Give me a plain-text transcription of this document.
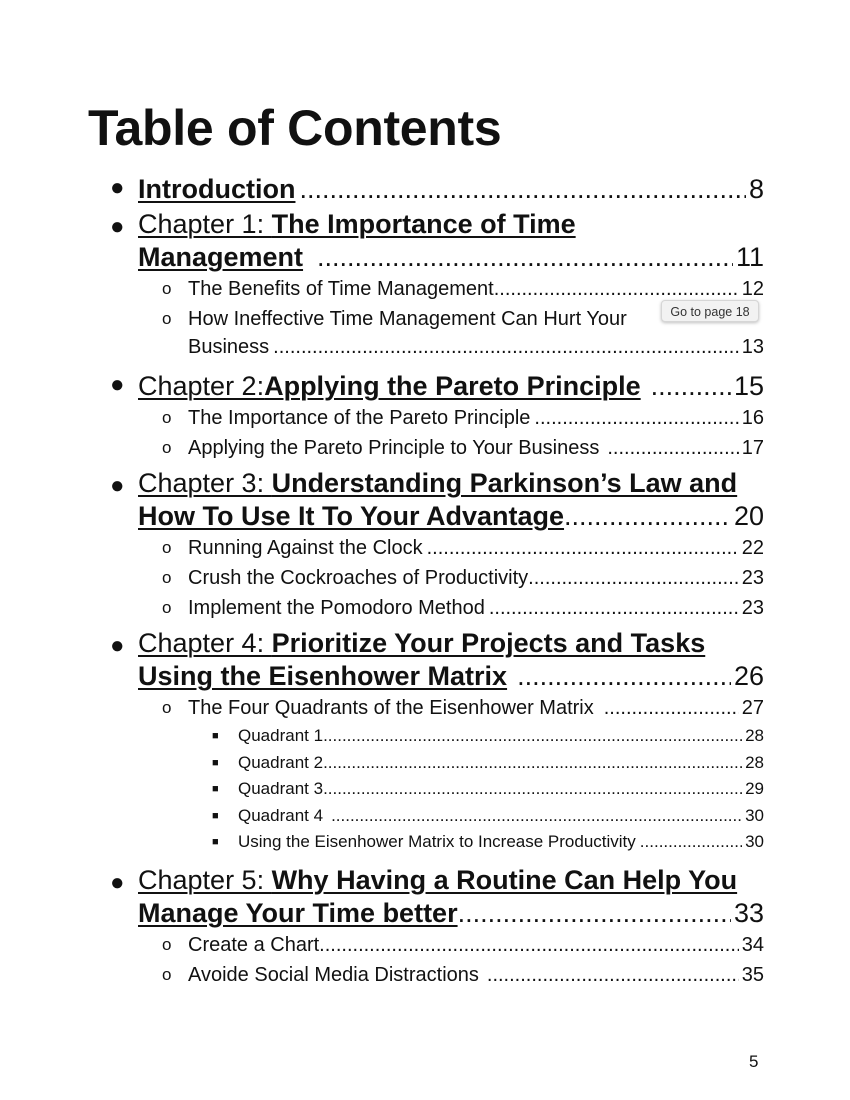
Table of Contents
● Introduction .....	8
● Chapter 1: The Importance of Time
Management .....	11
o The Benefits of Time Management .....	12
o How Ineffective Time Management Can Hurt Your
Business .....	13
● Chapter 2: Applying the Pareto Principle .....	15
o The Importance of the Pareto Principle .....	16
o Applying the Pareto Principle to Your Business .....	17
● Chapter 3: Understanding Parkinson’s Law and
How To Use It To Your Advantage .....	20
o Running Against the Clock .....	22
o Crush the Cockroaches of Productivity .....	23
o Implement the Pomodoro Method .....	23
● Chapter 4: Prioritize Your Projects and Tasks
Using the Eisenhower Matrix .....	26
o The Four Quadrants of the Eisenhower Matrix .....	27
■	Quadrant 1 .....	28
■	Quadrant 2 .....	28
■	Quadrant 3 .....	29
■	Quadrant 4 .....	30
■	Using the Eisenhower Matrix to Increase Productivity .....	30
● Chapter 5: Why Having a Routine Can Help You
Manage Your Time better .....	33
o Create a Chart .....	34
o Avoide Social Media Distractions .....	35
Go to page 18
5
